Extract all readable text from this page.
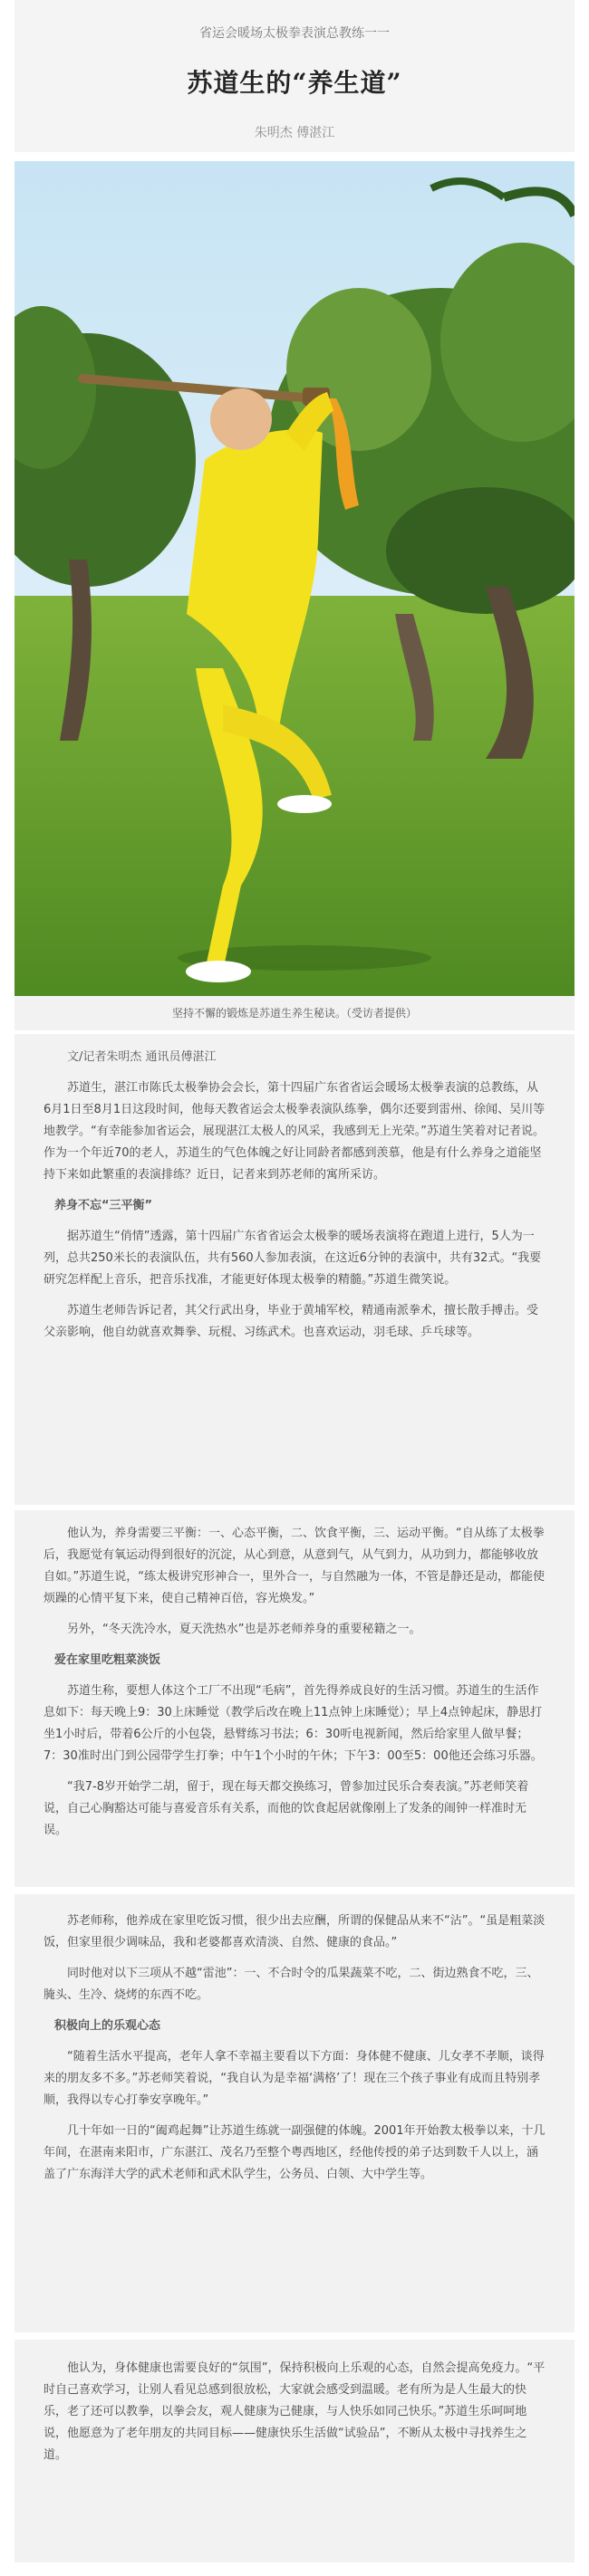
省运会暖场太极拳表演总教练一一
苏道生的“养生道”
朱明杰 傅湛江
坚持不懈的锻炼是苏道生养生秘诀。（受访者提供）

文/记者朱明杰 通讯员傅湛江

苏道生，湛江市陈氏太极拳协会会长，第十四届广东省省运会暖场太极拳表演的总教练，从6月1日至8月1日这段时间，他每天教省运会太极拳表演队练拳，偶尔还要到雷州、徐闻、吴川等地教学。“有幸能参加省运会，展现湛江太极人的风采，我感到无上光荣。”苏道生笑着对记者说。作为一个年近70的老人，苏道生的气色体魄之好让同龄者都感到羡慕，他是有什么养身之道能坚持下来如此繁重的表演排练？近日，记者来到苏老师的寓所采访。

养身不忘“三平衡”

据苏道生“俏情”透露，第十四届广东省省运会太极拳的暖场表演将在跑道上进行，5人为一列，总共250米长的表演队伍，共有560人参加表演，在这近6分钟的表演中，共有32式。“我要研究怎样配上音乐，把音乐找准，才能更好体现太极拳的精髓。”苏道生微笑说。

苏道生老师告诉记者，其父行武出身，毕业于黄埔军校，精通南派拳术，擅长散手搏击。受父亲影响，他自幼就喜欢舞拳、玩棍、习练武术。也喜欢运动，羽毛球、乒乓球等。

他认为，养身需要三平衡：一、心态平衡，二、饮食平衡，三、运动平衡。“自从练了太极拳后，我愿觉有氧运动得到很好的沉淀，从心到意，从意到气，从气到力，从功到力，都能够收放自如。”苏道生说，“练太极讲究形神合一，里外合一，与自然融为一体，不管是静还是动，都能使烦躁的心情平复下来，使自己精神百倍，容光焕发。”

另外，“冬天洗冷水，夏天洗热水”也是苏老师养身的重要秘籍之一。

爱在家里吃粗菜淡饭

苏道生称，要想人体这个工厂不出现“毛病”，首先得养成良好的生活习惯。苏道生的生活作息如下：每天晚上9：30上床睡觉（教学后改在晚上11点钟上床睡觉）；早上4点钟起床，静思打坐1小时后，带着6公斤的小包袋，悬臂练习书法；6：30听电视新闻，然后给家里人做早餐；7：30准时出门到公园带学生打拳；中午1个小时的午休；下午3：00至5：00他还会练习乐器。

“我7-8岁开始学二胡，留于，现在每天都交换练习，曾参加过民乐合奏表演。”苏老师笑着说，自己心胸豁达可能与喜爱音乐有关系，而他的饮食起居就像刚上了发条的闹钟一样准时无误。

苏老师称，他养成在家里吃饭习惯，很少出去应酬，所谓的保健品从来不“沾”。“虽是粗菜淡饭，但家里很少调味品，我和老婆都喜欢清淡、自然、健康的食品。”

同时他对以下三项从不越“雷池”：一、不合时令的瓜果蔬菜不吃，二、街边熟食不吃，三、腌头、生冷、烧烤的东西不吃。

积极向上的乐观心态

“随着生活水平提高，老年人拿不幸福主要看以下方面：身体健不健康、儿女孝不孝顺，谈得来的朋友多不多。”苏老师笑着说，“我自认为是幸福‘满格’了！现在三个孩子事业有成而且特别孝顺，我得以专心打拳安享晚年。”

几十年如一日的“阖鸡起舞”让苏道生练就一副强健的体魄。2001年开始教太极拳以来，十几年间，在湛南来阳市，广东湛江、茂名乃至整个粤西地区，经他传授的弟子达到数千人以上，涵盖了广东海洋大学的武术老师和武术队学生，公务员、白领、大中学生等。

他认为，身体健康也需要良好的“氛围”，保持积极向上乐观的心态，自然会提高免疫力。“平时自己喜欢学习，让别人看见总感到很放松，大家就会感受到温暖。老有所为是人生最大的快乐，老了还可以教拳，以拳会友，观人健康为己健康，与人快乐如同己快乐。”苏道生乐呵呵地说，他愿意为了老年朋友的共同目标——健康快乐生活做“试验品”，不断从太极中寻找养生之道。
